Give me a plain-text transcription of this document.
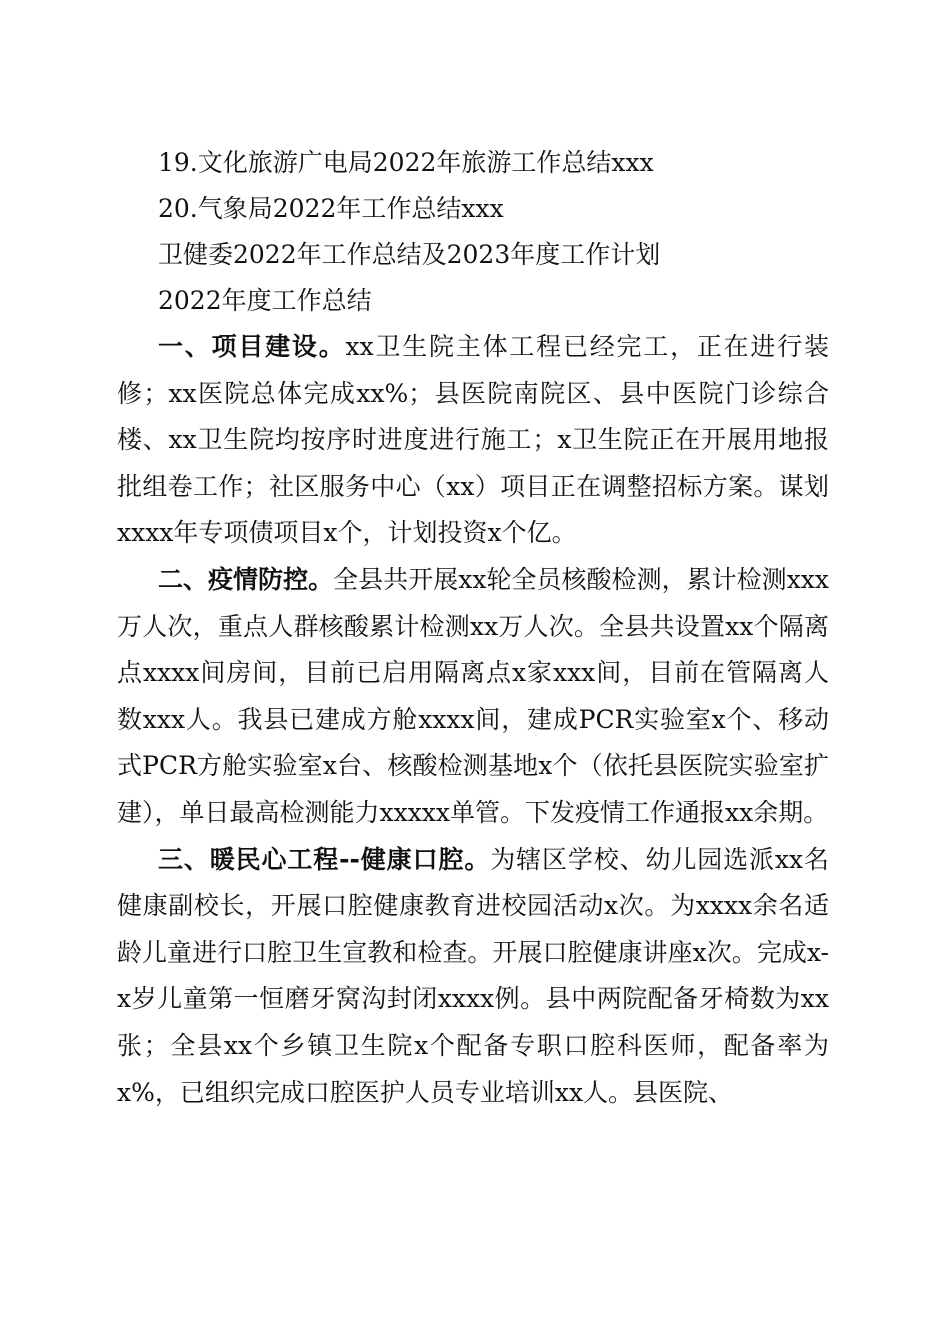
19.文化旅游广电局2022年旅游工作总结xxx
20.气象局2022年工作总结xxx
卫健委2022年工作总结及2023年度工作计划
2022年度工作总结

一、项目建设。xx卫生院主体工程已经完工，正在进行装修；xx医院总体完成xx%；县医院南院区、县中医院门诊综合楼、xx卫生院均按序时进度进行施工；x卫生院正在开展用地报批组卷工作；社区服务中心（xx）项目正在调整招标方案。谋划xxxx年专项债项目x个，计划投资x个亿。

二、疫情防控。全县共开展xx轮全员核酸检测，累计检测xxx万人次，重点人群核酸累计检测xx万人次。全县共设置xx个隔离点xxxx间房间，目前已启用隔离点x家xxx间，目前在管隔离人数xxx人。我县已建成方舱xxxx间，建成PCR实验室x个、移动式PCR方舱实验室x台、核酸检测基地x个（依托县医院实验室扩建），单日最高检测能力xxxxx单管。下发疫情工作通报xx余期。

三、暖民心工程--健康口腔。为辖区学校、幼儿园选派xx名健康副校长，开展口腔健康教育进校园活动x次。为xxxx余名适龄儿童进行口腔卫生宣教和检查。开展口腔健康讲座x次。完成x-x岁儿童第一恒磨牙窝沟封闭xxxx例。县中两院配备牙椅数为xx张；全县xx个乡镇卫生院x个配备专职口腔科医师，配备率为x%，已组织完成口腔医护人员专业培训xx人。县医院、
